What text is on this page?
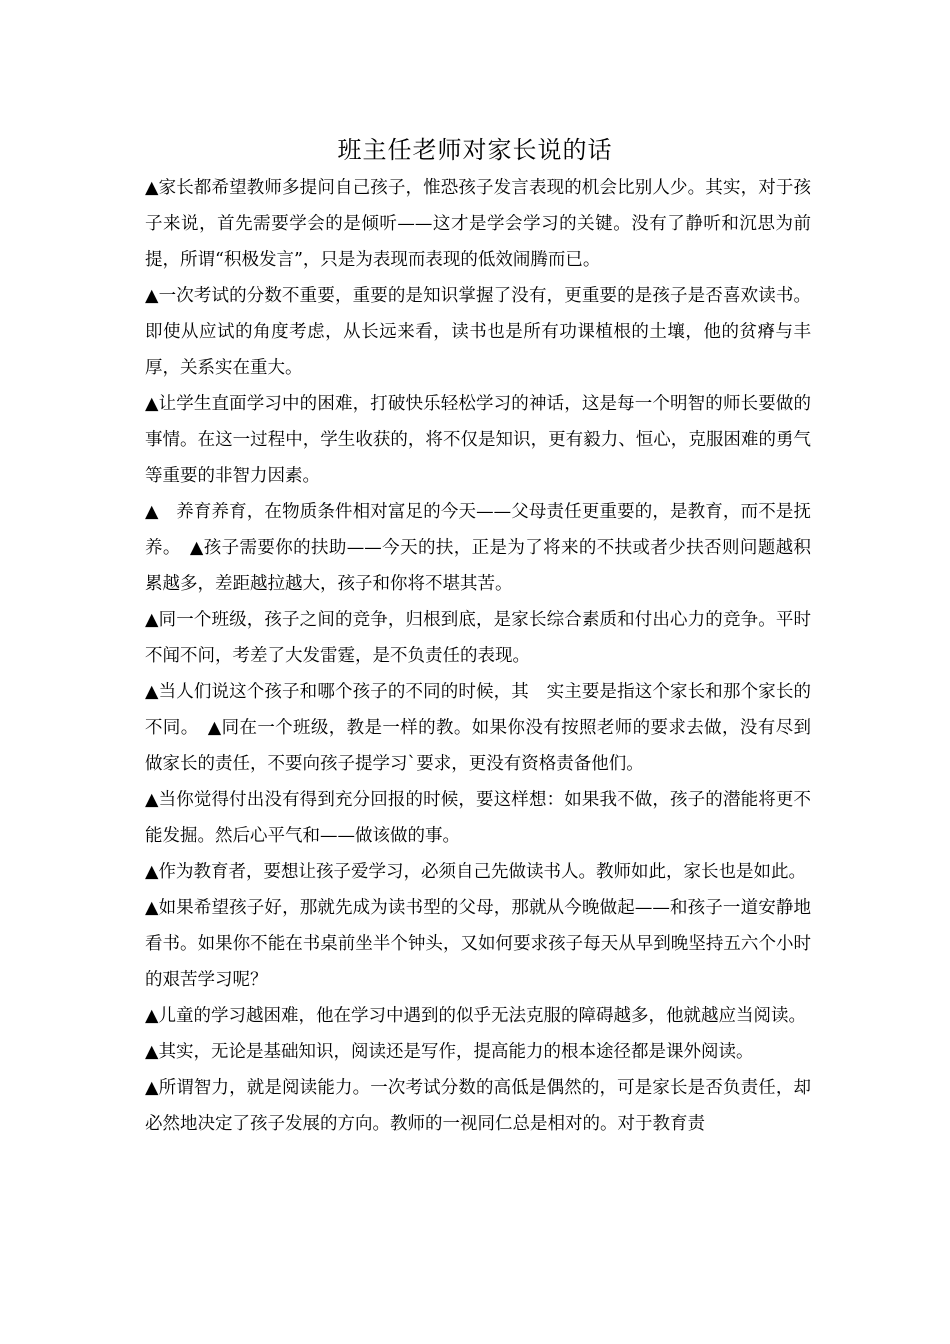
班主任老师对家长说的话

▲家长都希望教师多提问自己孩子，惟恐孩子发言表现的机会比别人少。其实，对于孩子来说，首先需要学会的是倾听——这才是学会学习的关键。没有了静听和沉思为前提，所谓“积极发言”，只是为表现而表现的低效闹腾而已。

▲一次考试的分数不重要，重要的是知识掌握了没有，更重要的是孩子是否喜欢读书。即使从应试的角度考虑，从长远来看，读书也是所有功课植根的土壤，他的贫瘠与丰厚，关系实在重大。

▲让学生直面学习中的困难，打破快乐轻松学习的神话，这是每一个明智的师长要做的事情。在这一过程中，学生收获的，将不仅是知识，更有毅力、恒心，克服困难的勇气等重要的非智力因素。

▲　养育养育，在物质条件相对富足的今天——父母责任更重要的，是教育，而不是抚养。　▲孩子需要你的扶助——今天的扶，正是为了将来的不扶或者少扶否则问题越积累越多，差距越拉越大，孩子和你将不堪其苦。

▲同一个班级，孩子之间的竞争，归根到底，是家长综合素质和付出心力的竞争。平时不闻不问，考差了大发雷霆，是不负责任的表现。

▲当人们说这个孩子和哪个孩子的不同的时候，其　实主要是指这个家长和那个家长的不同。　▲同在一个班级，教是一样的教。如果你没有按照老师的要求去做，没有尽到做家长的责任，不要向孩子提学习`要求，更没有资格责备他们。

▲当你觉得付出没有得到充分回报的时候，要这样想：如果我不做，孩子的潜能将更不能发掘。然后心平气和——做该做的事。

▲作为教育者，要想让孩子爱学习，必须自己先做读书人。教师如此，家长也是如此。

▲如果希望孩子好，那就先成为读书型的父母，那就从今晚做起——和孩子一道安静地看书。如果你不能在书桌前坐半个钟头，又如何要求孩子每天从早到晚坚持五六个小时的艰苦学习呢？

▲儿童的学习越困难，他在学习中遇到的似乎无法克服的障碍越多，他就越应当阅读。

▲其实，无论是基础知识，阅读还是写作，提高能力的根本途径都是课外阅读。

▲所谓智力，就是阅读能力。一次考试分数的高低是偶然的，可是家长是否负责任，却必然地决定了孩子发展的方向。教师的一视同仁总是相对的。对于教育责
